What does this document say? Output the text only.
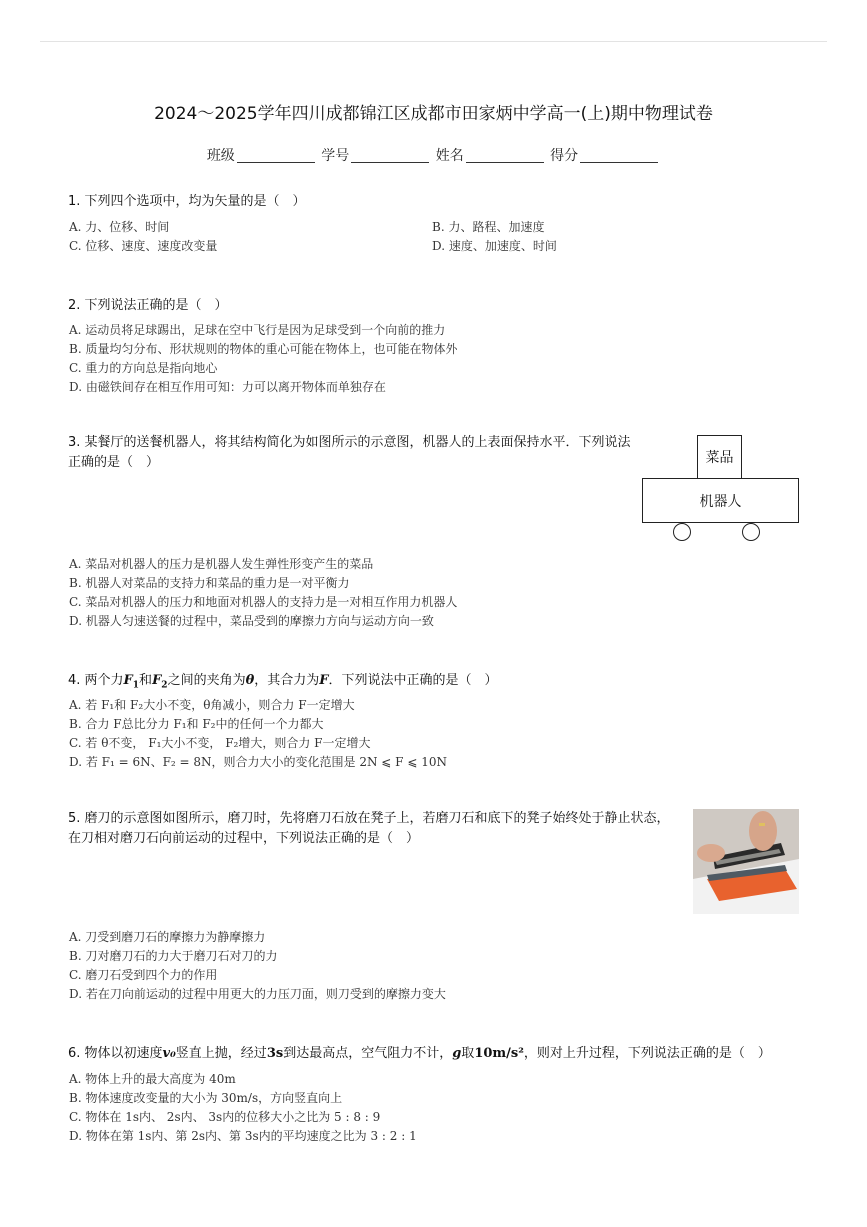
2024～2025学年四川成都锦江区成都市田家炳中学高一(上)期中物理试卷
班级	学号	姓名	得分
1. 下列四个选项中，均为矢量的是（　）
A. 力、位移、时间	B. 力、路程、加速度
C. 位移、速度、速度改变量	D. 速度、加速度、时间
2. 下列说法正确的是（　）
A. 运动员将足球踢出，足球在空中飞行是因为足球受到一个向前的推力
B. 质量均匀分布、形状规则的物体的重心可能在物体上，也可能在物体外
C. 重力的方向总是指向地心
D. 由磁铁间存在相互作用可知：力可以离开物体而单独存在
3. 某餐厅的送餐机器人，将其结构简化为如图所示的示意图，机器人的上表面保持水平．下列说法正确的是（　）	菜品
机器人
A. 菜品对机器人的压力是机器人发生弹性形变产生的菜品
B. 机器人对菜品的支持力和菜品的重力是一对平衡力
C. 菜品对机器人的压力和地面对机器人的支持力是一对相互作用力机器人
D. 机器人匀速送餐的过程中，菜品受到的摩擦力方向与运动方向一致
4. 两个力$F_1$和$F_2$之间的夹角为θ，其合力为F．下列说法中正确的是（　）
A. 若 F₁和 F₂大小不变，θ角减小，则合力 F一定增大
B. 合力 F总比分力 F₁和 F₂中的任何一个力都大
C. 若 θ不变， F₁大小不变， F₂增大，则合力 F一定增大
D. 若 F₁ = 6N、F₂ = 8N，则合力大小的变化范围是 2N ⩽ F ⩽ 10N
5. 磨刀的示意图如图所示，磨刀时，先将磨刀石放在凳子上，若磨刀石和底下的凳子始终处于静止状态，在刀相对磨刀石向前运动的过程中，下列说法正确的是（　）
A. 刀受到磨刀石的摩擦力为静摩擦力
B. 刀对磨刀石的力大于磨刀石对刀的力
C. 磨刀石受到四个力的作用
D. 若在刀向前运动的过程中用更大的力压刀面，则刀受到的摩擦力变大
6. 物体以初速度v₀竖直上抛，经过3s到达最高点，空气阻力不计，g取10m/s²，则对上升过程，下列说法正确的是（　）
A. 物体上升的最大高度为 40m
B. 物体速度改变量的大小为 30m/s，方向竖直向上
C. 物体在 1s内、 2s内、 3s内的位移大小之比为 5 : 8 : 9
D. 物体在第 1s内、第 2s内、第 3s内的平均速度之比为 3 : 2 : 1
